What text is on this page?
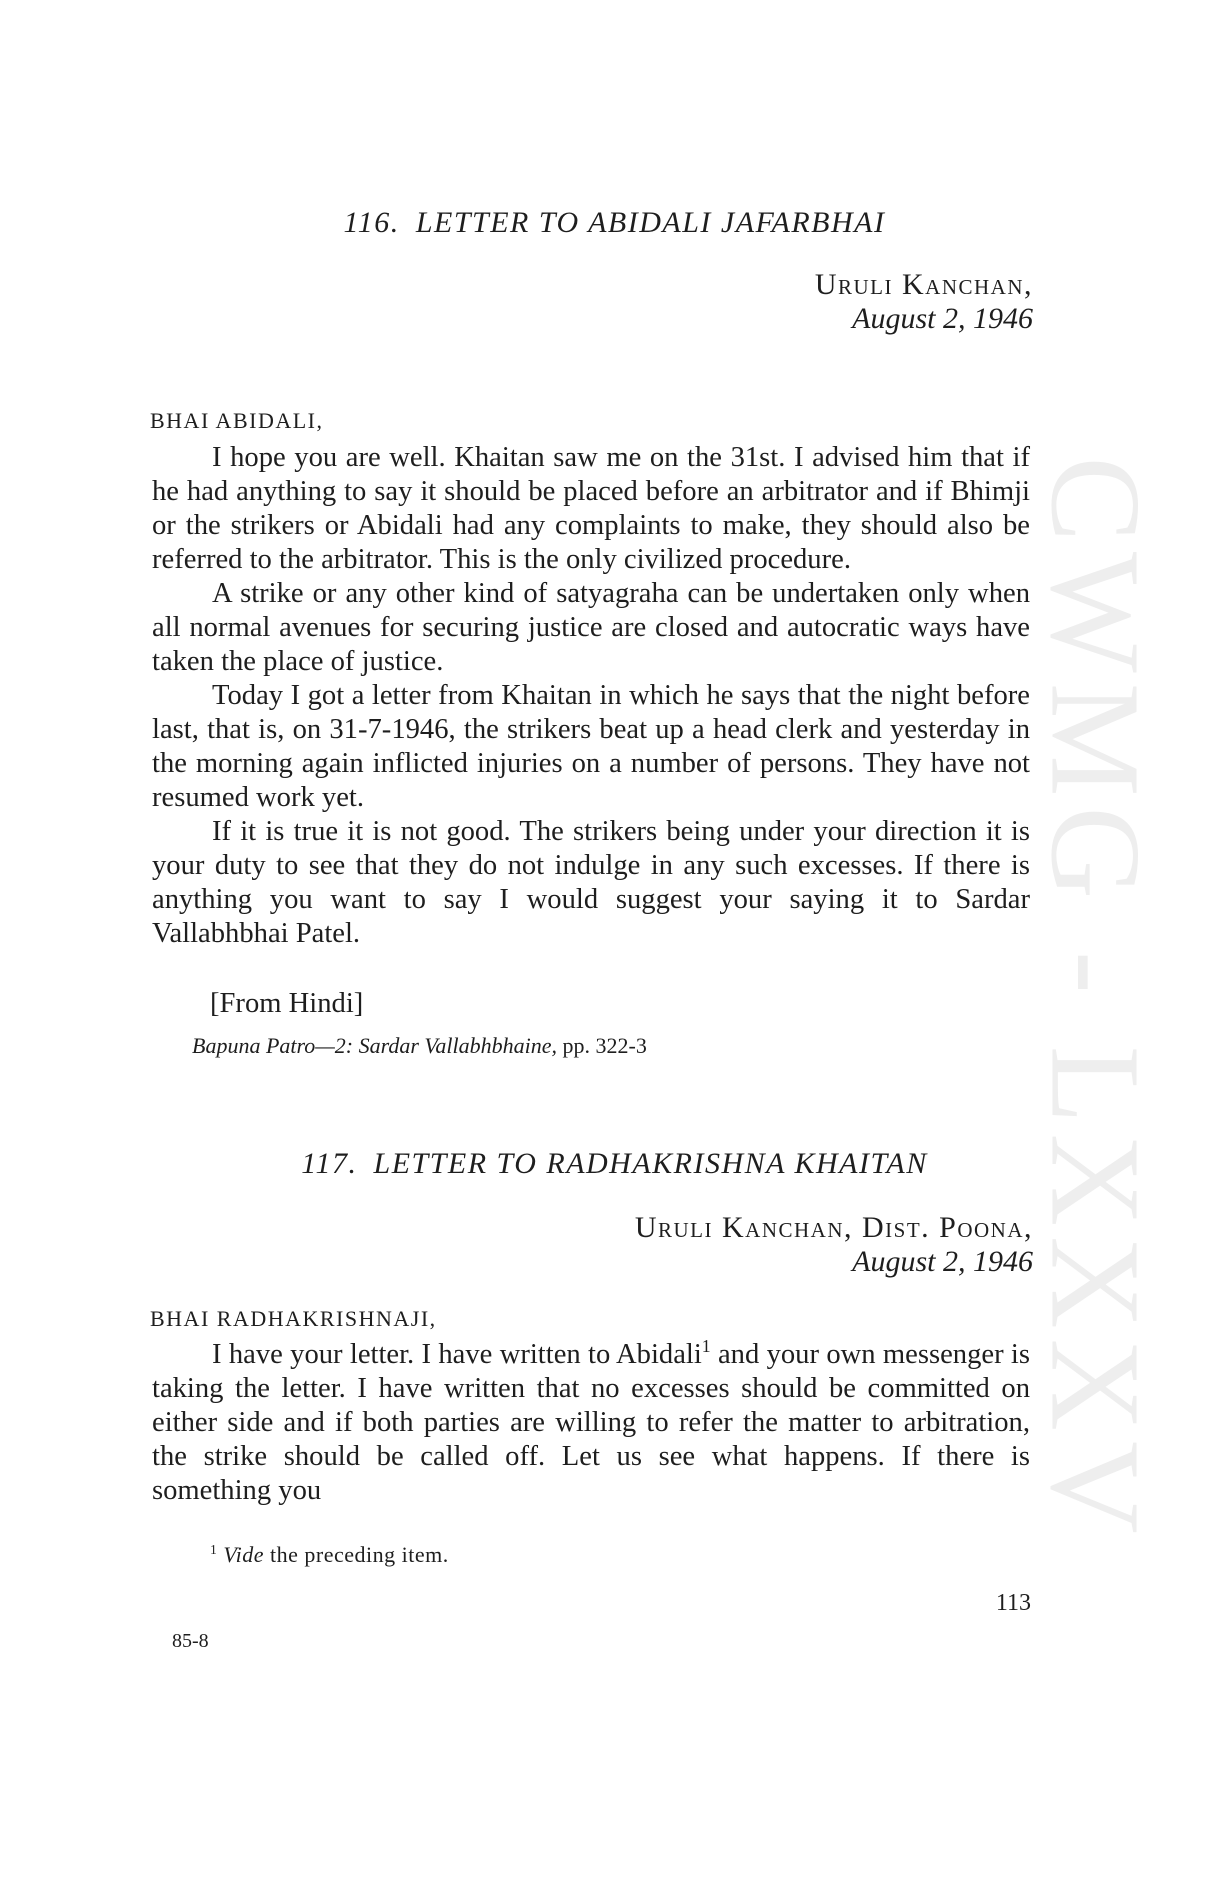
CWMG - LXXXV
116. LETTER TO ABIDALI JAFARBHAI
Uruli Kanchan,
August 2, 1946
BHAI ABIDALI,

I hope you are well. Khaitan saw me on the 31st. I advised him that if he had anything to say it should be placed before an arbitrator and if Bhimji or the strikers or Abidali had any complaints to make, they should also be referred to the arbitrator. This is the only civilized procedure.

A strike or any other kind of satyagraha can be undertaken only when all normal avenues for securing justice are closed and autocratic ways have taken the place of justice.

Today I got a letter from Khaitan in which he says that the night before last, that is, on 31-7-1946, the strikers beat up a head clerk and yesterday in the morning again inflicted injuries on a number of persons. They have not resumed work yet.

If it is true it is not good. The strikers being under your direction it is your duty to see that they do not indulge in any such excesses. If there is anything you want to say I would suggest your saying it to Sardar Vallabhbhai Patel.

[From Hindi]
Bapuna Patro—2: Sardar Vallabhbhaine, pp. 322-3
117. LETTER TO RADHAKRISHNA KHAITAN
Uruli Kanchan, Dist. Poona,
August 2, 1946
BHAI RADHAKRISHNAJI,

I have your letter. I have written to Abidali$^1$ and your own messenger is taking the letter. I have written that no excesses should be committed on either side and if both parties are willing to refer the matter to arbitration, the strike should be called off. Let us see what happens. If there is something you

$^1$ Vide the preceding item.
113
85-8
